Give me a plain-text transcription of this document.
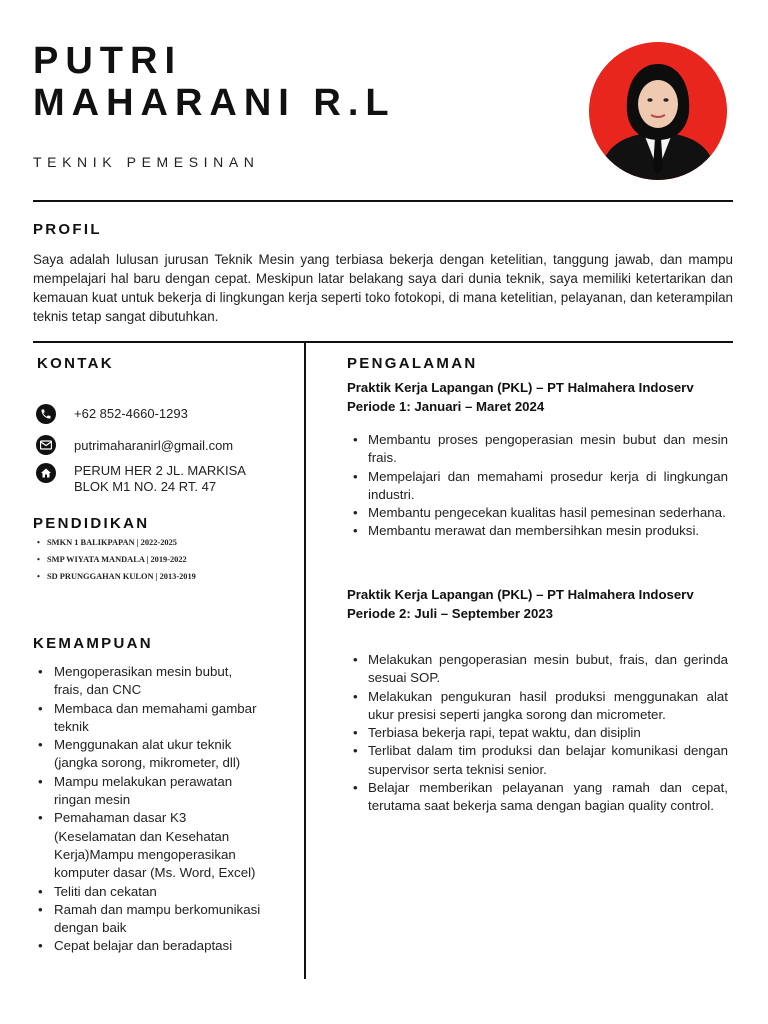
PUTRI
MAHARANI R.L
TEKNIK PEMESINAN
PROFIL
Saya adalah lulusan jurusan Teknik Mesin yang terbiasa bekerja dengan ketelitian, tanggung jawab, dan mampu mempelajari hal baru dengan cepat. Meskipun latar belakang saya dari dunia teknik, saya memiliki ketertarikan dan kemauan kuat untuk bekerja di lingkungan kerja seperti toko fotokopi, di mana ketelitian, pelayanan, dan keterampilan teknis tetap sangat dibutuhkan.
KONTAK
+62 852-4660-1293
putrimaharanirl@gmail.com
PERUM HER 2 JL. MARKISA
BLOK M1 NO. 24 RT. 47
PENDIDIKAN
• SMKN 1 BALIKPAPAN | 2022-2025
• SMP WIYATA MANDALA | 2019-2022
• SD PRUNGGAHAN KULON | 2013-2019
KEMAMPUAN
• Mengoperasikan mesin bubut, frais, dan CNC
• Membaca dan memahami gambar teknik
• Menggunakan alat ukur teknik (jangka sorong, mikrometer, dll)
• Mampu melakukan perawatan ringan mesin
• Pemahaman dasar K3 (Keselamatan dan Kesehatan Kerja)Mampu mengoperasikan komputer dasar (Ms. Word, Excel)
• Teliti dan cekatan
• Ramah dan mampu berkomunikasi dengan baik
• Cepat belajar dan beradaptasi
PENGALAMAN
Praktik Kerja Lapangan (PKL) – PT Halmahera Indoserv
Periode 1: Januari – Maret 2024
• Membantu proses pengoperasian mesin bubut dan mesin frais.
• Mempelajari dan memahami prosedur kerja di lingkungan industri.
• Membantu pengecekan kualitas hasil pemesinan sederhana.
• Membantu merawat dan membersihkan mesin produksi.
Praktik Kerja Lapangan (PKL) – PT Halmahera Indoserv
Periode 2: Juli – September 2023
• Melakukan pengoperasian mesin bubut, frais, dan gerinda sesuai SOP.
• Melakukan pengukuran hasil produksi menggunakan alat ukur presisi seperti jangka sorong dan micrometer.
• Terbiasa bekerja rapi, tepat waktu, dan disiplin
• Terlibat dalam tim produksi dan belajar komunikasi dengan supervisor serta teknisi senior.
• Belajar memberikan pelayanan yang ramah dan cepat, terutama saat bekerja sama dengan bagian quality control.
